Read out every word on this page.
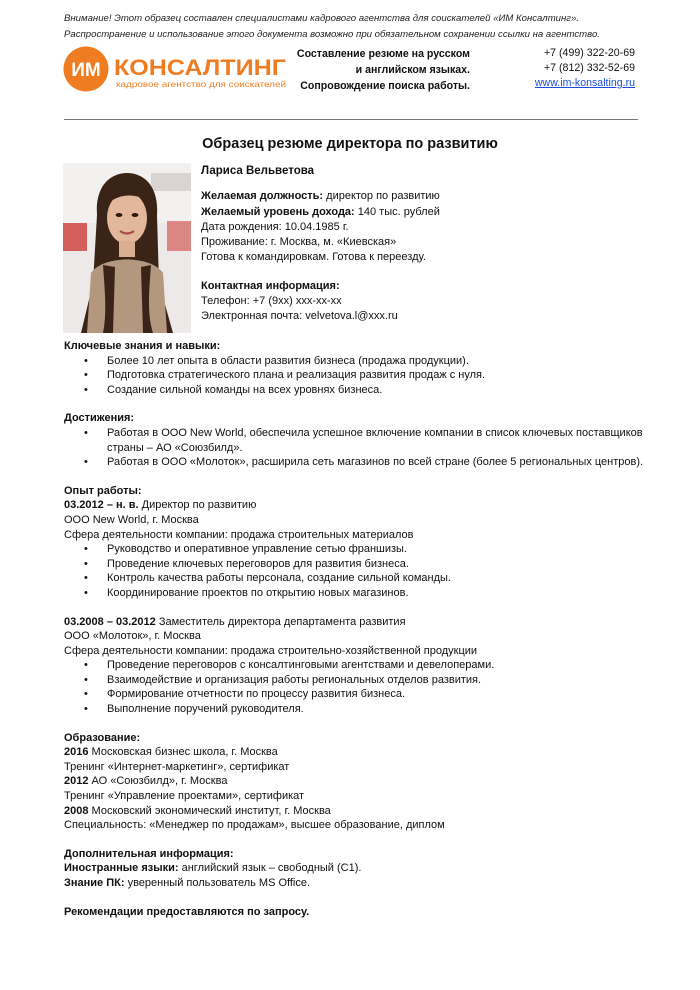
Внимание! Этот образец составлен специалистами кадрового агентства для соискателей «ИМ Консалтинг».
Распространение и использование этого документа возможно при обязательном сохранении ссылки на агентство.
ИМ КОНСАЛТИНГ
кадровое агентство для соискателей
Составление резюме на русском
и английском языках.
Сопровождение поиска работы.
+7 (499) 322-20-69
+7 (812) 332-52-69
www.im-konsalting.ru
Образец резюме директора по развитию
Лариса Вельветова
Желаемая должность: директор по развитию
Желаемый уровень дохода: 140 тыс. рублей
Дата рождения: 10.04.1985 г.
Проживание: г. Москва, м. «Киевская»
Готова к командировкам. Готова к переезду.
Контактная информация:
Телефон: +7 (9хх) ххх-хх-хх
Электронная почта: velvetova.l@xxx.ru
Ключевые знания и навыки:
• Более 10 лет опыта в области развития бизнеса (продажа продукции).
• Подготовка стратегического плана и реализация развития продаж с нуля.
• Создание сильной команды на всех уровнях бизнеса.
Достижения:
• Работая в ООО New World, обеспечила успешное включение компании в список ключевых поставщиков страны – АО «Союзбилд».
• Работая в ООО «Молоток», расширила сеть магазинов по всей стране (более 5 региональных центров).
Опыт работы:
03.2012 – н. в. Директор по развитию
ООО New World, г. Москва
Сфера деятельности компании: продажа строительных материалов
• Руководство и оперативное управление сетью франшизы.
• Проведение ключевых переговоров для развития бизнеса.
• Контроль качества работы персонала, создание сильной команды.
• Координирование проектов по открытию новых магазинов.
03.2008 – 03.2012 Заместитель директора департамента развития
ООО «Молоток», г. Москва
Сфера деятельности компании: продажа строительно-хозяйственной продукции
• Проведение переговоров с консалтинговыми агентствами и девелоперами.
• Взаимодействие и организация работы региональных отделов развития.
• Формирование отчетности по процессу развития бизнеса.
• Выполнение поручений руководителя.
Образование:
2016 Московская бизнес школа, г. Москва
Тренинг «Интернет-маркетинг», сертификат
2012 АО «Союзбилд», г. Москва
Тренинг «Управление проектами», сертификат
2008 Московский экономический институт, г. Москва
Специальность: «Менеджер по продажам», высшее образование, диплом
Дополнительная информация:
Иностранные языки: английский язык – свободный (С1).
Знание ПК: уверенный пользователь MS Office.
Рекомендации предоставляются по запросу.
